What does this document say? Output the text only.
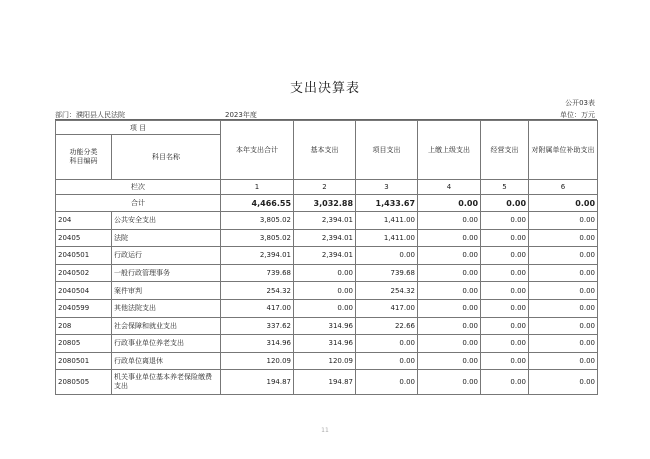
支出决算表
公开03表
部门：濮阳县人民法院	2023年度	单位：万元
项 目		本年支出合计	基本支出	项目支出	上缴上级支出	经营支出	对附属单位补助支出
功能分类
科目编码	科目名称						
栏次		1	2	3	4	5	6
合计		4,466.55	3,032.88	1,433.67	0.00	0.00	0.00
204	公共安全支出	3,805.02	2,394.01	1,411.00	0.00	0.00	0.00
20405	法院	3,805.02	2,394.01	1,411.00	0.00	0.00	0.00
2040501	行政运行	2,394.01	2,394.01	0.00	0.00	0.00	0.00
2040502	一般行政管理事务	739.68	0.00	739.68	0.00	0.00	0.00
2040504	案件审判	254.32	0.00	254.32	0.00	0.00	0.00
2040599	其他法院支出	417.00	0.00	417.00	0.00	0.00	0.00
208	社会保障和就业支出	337.62	314.96	22.66	0.00	0.00	0.00
20805	行政事业单位养老支出	314.96	314.96	0.00	0.00	0.00	0.00
2080501	行政单位离退休	120.09	120.09	0.00	0.00	0.00	0.00
2080505	机关事业单位基本养老保险缴费支出	194.87	194.87	0.00	0.00	0.00	0.00
11
